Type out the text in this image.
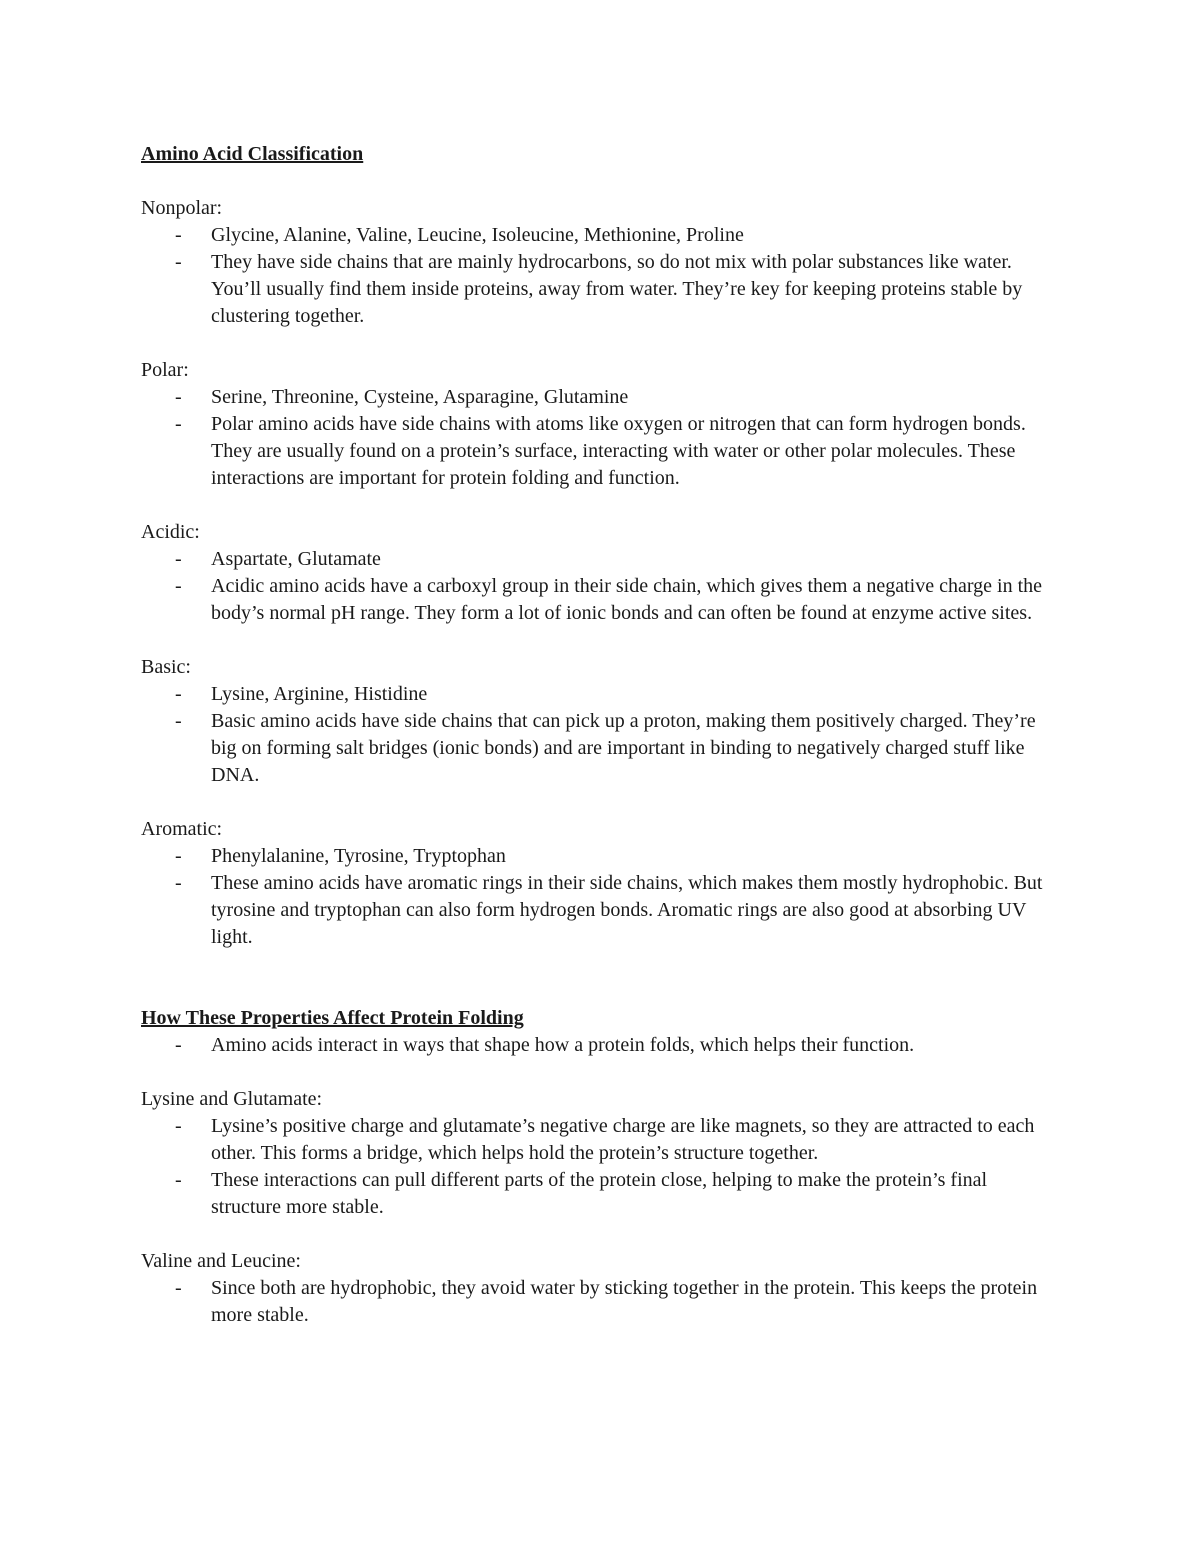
Amino Acid Classification
Nonpolar:
- Glycine, Alanine, Valine, Leucine, Isoleucine, Methionine, Proline
- They have side chains that are mainly hydrocarbons, so do not mix with polar substances like water. You’ll usually find them inside proteins, away from water. They’re key for keeping proteins stable by clustering together.
Polar:
- Serine, Threonine, Cysteine, Asparagine, Glutamine
- Polar amino acids have side chains with atoms like oxygen or nitrogen that can form hydrogen bonds. They are usually found on a protein’s surface, interacting with water or other polar molecules. These interactions are important for protein folding and function.
Acidic:
- Aspartate, Glutamate
- Acidic amino acids have a carboxyl group in their side chain, which gives them a negative charge in the body’s normal pH range. They form a lot of ionic bonds and can often be found at enzyme active sites.
Basic:
- Lysine, Arginine, Histidine
- Basic amino acids have side chains that can pick up a proton, making them positively charged. They’re big on forming salt bridges (ionic bonds) and are important in binding to negatively charged stuff like DNA.
Aromatic:
- Phenylalanine, Tyrosine, Tryptophan
- These amino acids have aromatic rings in their side chains, which makes them mostly hydrophobic. But tyrosine and tryptophan can also form hydrogen bonds. Aromatic rings are also good at absorbing UV light.
How These Properties Affect Protein Folding
- Amino acids interact in ways that shape how a protein folds, which helps their function.
Lysine and Glutamate:
- Lysine’s positive charge and glutamate’s negative charge are like magnets, so they are attracted to each other. This forms a bridge, which helps hold the protein’s structure together.
- These interactions can pull different parts of the protein close, helping to make the protein’s final structure more stable.
Valine and Leucine:
- Since both are hydrophobic, they avoid water by sticking together in the protein. This keeps the protein more stable.
